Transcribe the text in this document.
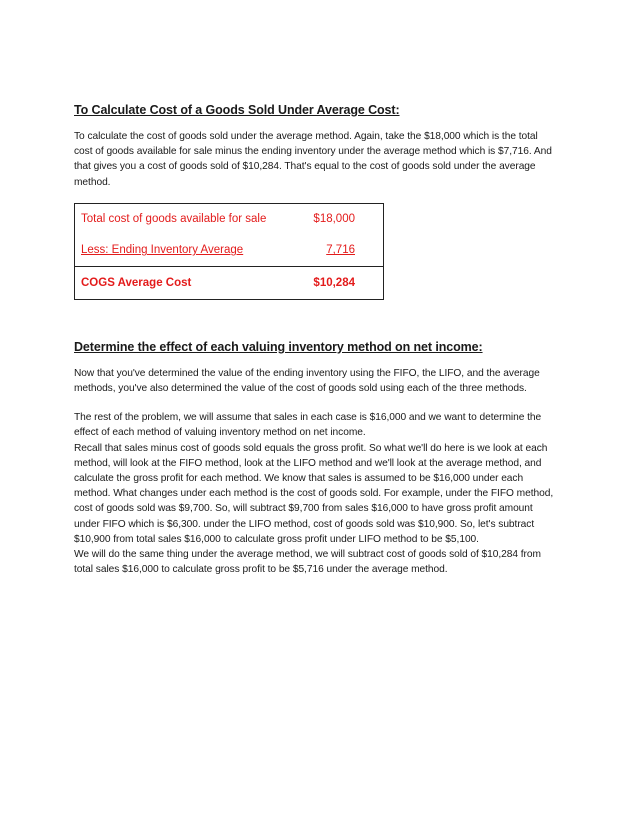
To Calculate Cost of a Goods Sold Under Average Cost:

To calculate the cost of goods sold under the average method. Again, take the $18,000 which is the total cost of goods available for sale minus the ending inventory under the average method which is $7,716. And that gives you a cost of goods sold of $10,284. That's equal to the cost of goods sold under the average method.

Total cost of goods available for sale	$18,000
Less: Ending Inventory Average	7,716
COGS Average Cost	$10,284

Determine the effect of each valuing inventory method on net income:

Now that you've determined the value of the ending inventory using the FIFO, the LIFO, and the average methods, you've also determined the value of the cost of goods sold using each of the three methods.

The rest of the problem, we will assume that sales in each case is $16,000 and we want to determine the effect of each method of valuing inventory method on net income.

Recall that sales minus cost of goods sold equals the gross profit. So what we'll do here is we look at each method, will look at the FIFO method, look at the LIFO method and we'll look at the average method, and calculate the gross profit for each method. We know that sales is assumed to be $16,000 under each method. What changes under each method is the cost of goods sold. For example, under the FIFO method, cost of goods sold was $9,700. So, will subtract $9,700 from sales $16,000 to have gross profit amount under FIFO which is $6,300. under the LIFO method, cost of goods sold was $10,900. So, let's subtract $10,900 from total sales $16,000 to calculate gross profit under LIFO method to be $5,100.

We will do the same thing under the average method, we will subtract cost of goods sold of $10,284 from total sales $16,000 to calculate gross profit to be $5,716 under the average method.
